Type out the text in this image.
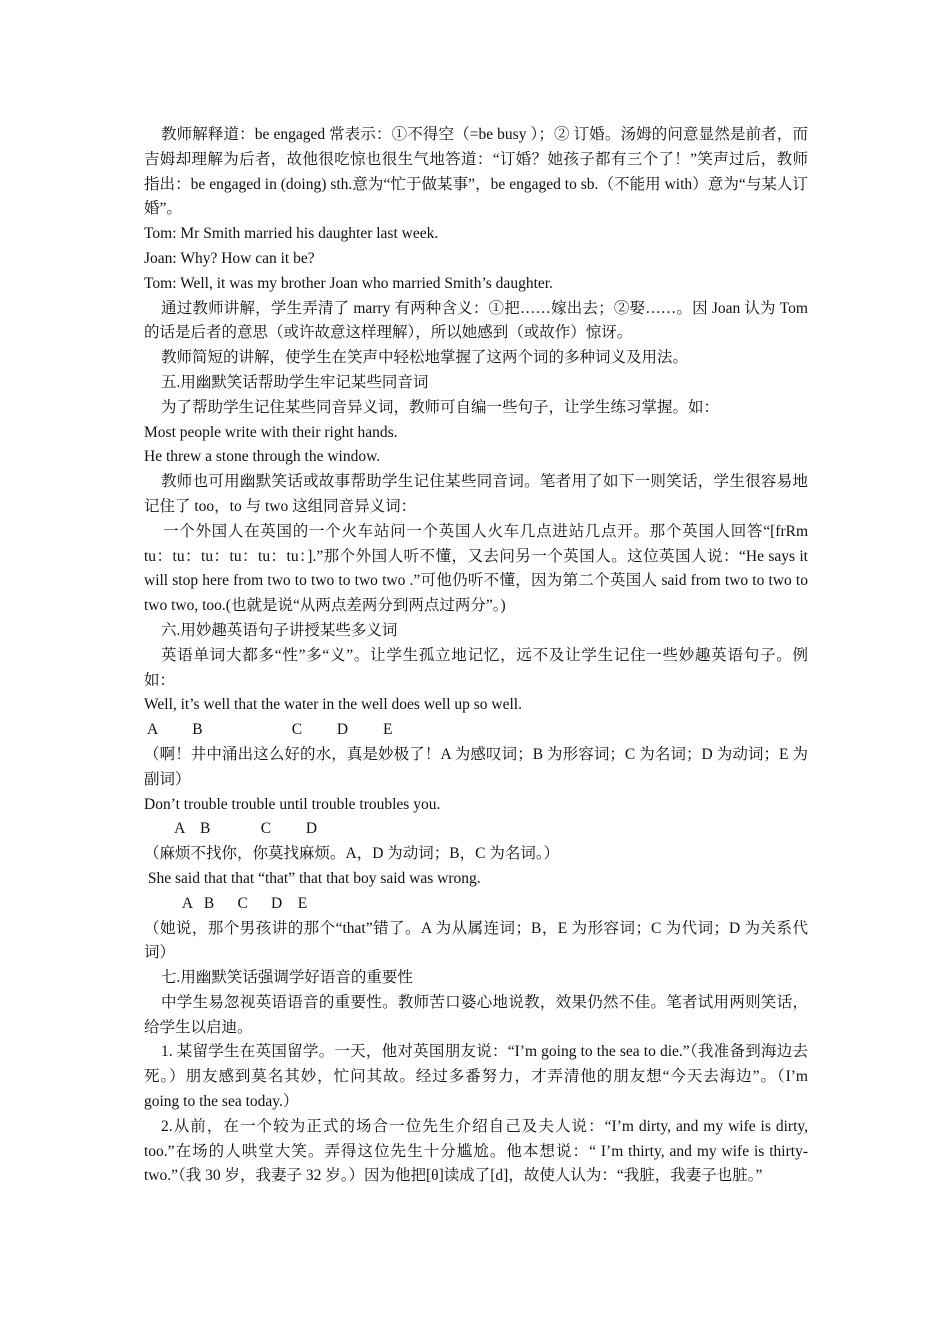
教师解释道：be engaged 常表示：①不得空（=be busy ）；② 订婚。汤姆的问意显然是前者，而吉姆却理解为后者，故他很吃惊也很生气地答道：“订婚？她孩子都有三个了！”笑声过后，教师指出：be engaged in (doing) sth.意为“忙于做某事”，be engaged to sb.（不能用 with）意为“与某人订婚”。

Tom: Mr Smith married his daughter last week.

Joan: Why? How can it be?

Tom: Well, it was my brother Joan who married Smith’s daughter.

通过教师讲解，学生弄清了 marry 有两种含义：①把……嫁出去；②娶……。因 Joan 认为 Tom 的话是后者的意思（或许故意这样理解），所以她感到（或故作）惊讶。

教师简短的讲解，使学生在笑声中轻松地掌握了这两个词的多种词义及用法。

五.用幽默笑话帮助学生牢记某些同音词

为了帮助学生记住某些同音异义词，教师可自编一些句子，让学生练习掌握。如：

Most people write with their right hands.

He threw a stone through the window.

教师也可用幽默笑话或故事帮助学生记住某些同音词。笔者用了如下一则笑话，学生很容易地记住了 too，to 与 two 这组同音异义词：

一个外国人在英国的一个火车站问一个英国人火车几点进站几点开。那个英国人回答“[frRm tu：tu：tu：tu：tu：tu：].”那个外国人听不懂，又去问另一个英国人。这位英国人说：“He says it will stop here from two to two to two two .”可他仍听不懂，因为第二个英国人 said from two to two to two two, too.(也就是说“从两点差两分到两点过两分”。)

六.用妙趣英语句子讲授某些多义词

英语单词大都多“性”多“义”。让学生孤立地记忆，远不及让学生记住一些妙趣英语句子。例如：

Well, it’s well that the water in the well does well up so well.

A         B                       C         D         E

（啊！井中涌出这么好的水，真是妙极了！A 为感叹词；B 为形容词；C 为名词；D 为动词；E 为副词）

Don’t trouble trouble until trouble troubles you.

A    B             C         D

（麻烦不找你，你莫找麻烦。A，D 为动词；B，C 为名词。）

She said that that “that” that that boy said was wrong.

A   B      C      D    E

（她说，那个男孩讲的那个“that”错了。A 为从属连词；B，E 为形容词；C 为代词；D 为关系代词）

七.用幽默笑话强调学好语音的重要性

中学生易忽视英语语音的重要性。教师苦口婆心地说教，效果仍然不佳。笔者试用两则笑话，给学生以启迪。

1. 某留学生在英国留学。一天，他对英国朋友说：“I’m going to the sea to die.”（我准备到海边去死。）朋友感到莫名其妙，忙问其故。经过多番努力，才弄清他的朋友想“今天去海边”。（I’m going to the sea today.）

2.从前，在一个较为正式的场合一位先生介绍自己及夫人说：“I’m dirty, and my wife is dirty, too.”在场的人哄堂大笑。弄得这位先生十分尴尬。他本想说：“ I’m thirty, and my wife is thirty-two.”（我 30 岁，我妻子 32 岁。）因为他把[θ]读成了[d]，故使人认为：“我脏，我妻子也脏。”
